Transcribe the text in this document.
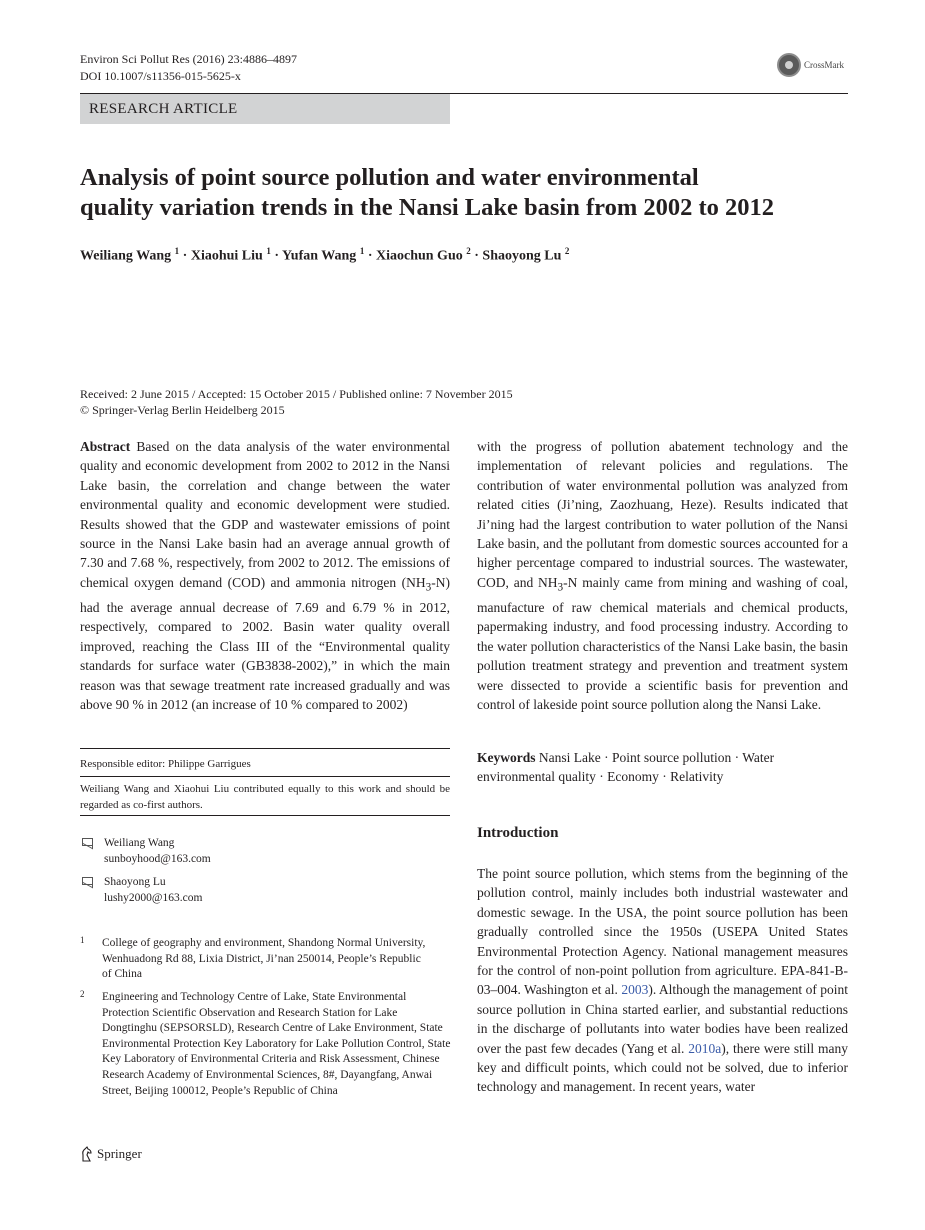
Environ Sci Pollut Res (2016) 23:4886–4897
DOI 10.1007/s11356-015-5625-x
CrossMark
RESEARCH ARTICLE
Analysis of point source pollution and water environmental
quality variation trends in the Nansi Lake basin from 2002 to 2012
Weiliang Wang $^1$ · Xiaohui Liu $^1$ · Yufan Wang $^1$ · Xiaochun Guo $^2$ · Shaoyong Lu $^2$
Received: 2 June 2015 / Accepted: 15 October 2015 / Published online: 7 November 2015
© Springer-Verlag Berlin Heidelberg 2015
Abstract Based on the data analysis of the water environmental quality and economic development from 2002 to 2012 in the Nansi Lake basin, the correlation and change between the water environmental quality and economic development were studied. Results showed that the GDP and wastewater emissions of point source in the Nansi Lake basin had an average annual growth of 7.30 and 7.68 %, respectively, from 2002 to 2012. The emissions of chemical oxygen demand (COD) and ammonia nitrogen $(NH_3-N)$ had the average annual decrease of 7.69 and 6.79 % in 2012, respectively, compared to 2002. Basin water quality overall improved, reaching the Class III of the “Environmental quality standards for surface water (GB3838-2002),” in which the main reason was that sewage treatment rate increased gradually and was above 90 % in 2012 (an increase of 10 % compared to 2002)
with the progress of pollution abatement technology and the implementation of relevant policies and regulations. The contribution of water environmental pollution was analyzed from related cities (Ji’ning, Zaozhuang, Heze). Results indicated that Ji’ning had the largest contribution to water pollution of the Nansi Lake basin, and the pollutant from domestic sources accounted for a higher percentage compared to industrial sources. The wastewater, COD, and $NH_3-N$ mainly came from mining and washing of coal, manufacture of raw chemical materials and chemical products, papermaking industry, and food processing industry. According to the water pollution characteristics of the Nansi Lake basin, the basin pollution treatment strategy and prevention and treatment system were dissected to provide a scientific basis for prevention and control of lakeside point source pollution along the Nansi Lake.
Keywords Nansi Lake · Point source pollution · Water environmental quality · Economy · Relativity
Responsible editor: Philippe Garrigues
Weiliang Wang and Xiaohui Liu contributed equally to this work and should be regarded as co-first authors.
Weiliang Wang
sunboyhood@163.com
Shaoyong Lu
lushy2000@163.com
1 College of geography and environment, Shandong Normal University, Wenhuadong Rd 88, Lixia District, Ji’nan 250014, People’s Republic of China
2 Engineering and Technology Centre of Lake, State Environmental Protection Scientific Observation and Research Station for Lake Dongtinghu (SEPSORSLD), Research Centre of Lake Environment, State Environmental Protection Key Laboratory for Lake Pollution Control, State Key Laboratory of Environmental Criteria and Risk Assessment, Chinese Research Academy of Environmental Sciences, 8#, Dayangfang, Anwai Street, Beijing 100012, People’s Republic of China
Introduction
The point source pollution, which stems from the beginning of the pollution control, mainly includes both industrial wastewater and domestic sewage. In the USA, the point source pollution has been gradually controlled since the 1950s (USEPA United States Environmental Protection Agency. National management measures for the control of non-point pollution from agriculture. EPA-841-B-03–004. Washington et al. 2003). Although the management of point source pollution in China started earlier, and substantial reductions in the discharge of pollutants into water bodies have been realized over the past few decades (Yang et al. 2010a), there were still many key and difficult points, which could not be solved, due to inferior technology and management. In recent years, water
Springer
